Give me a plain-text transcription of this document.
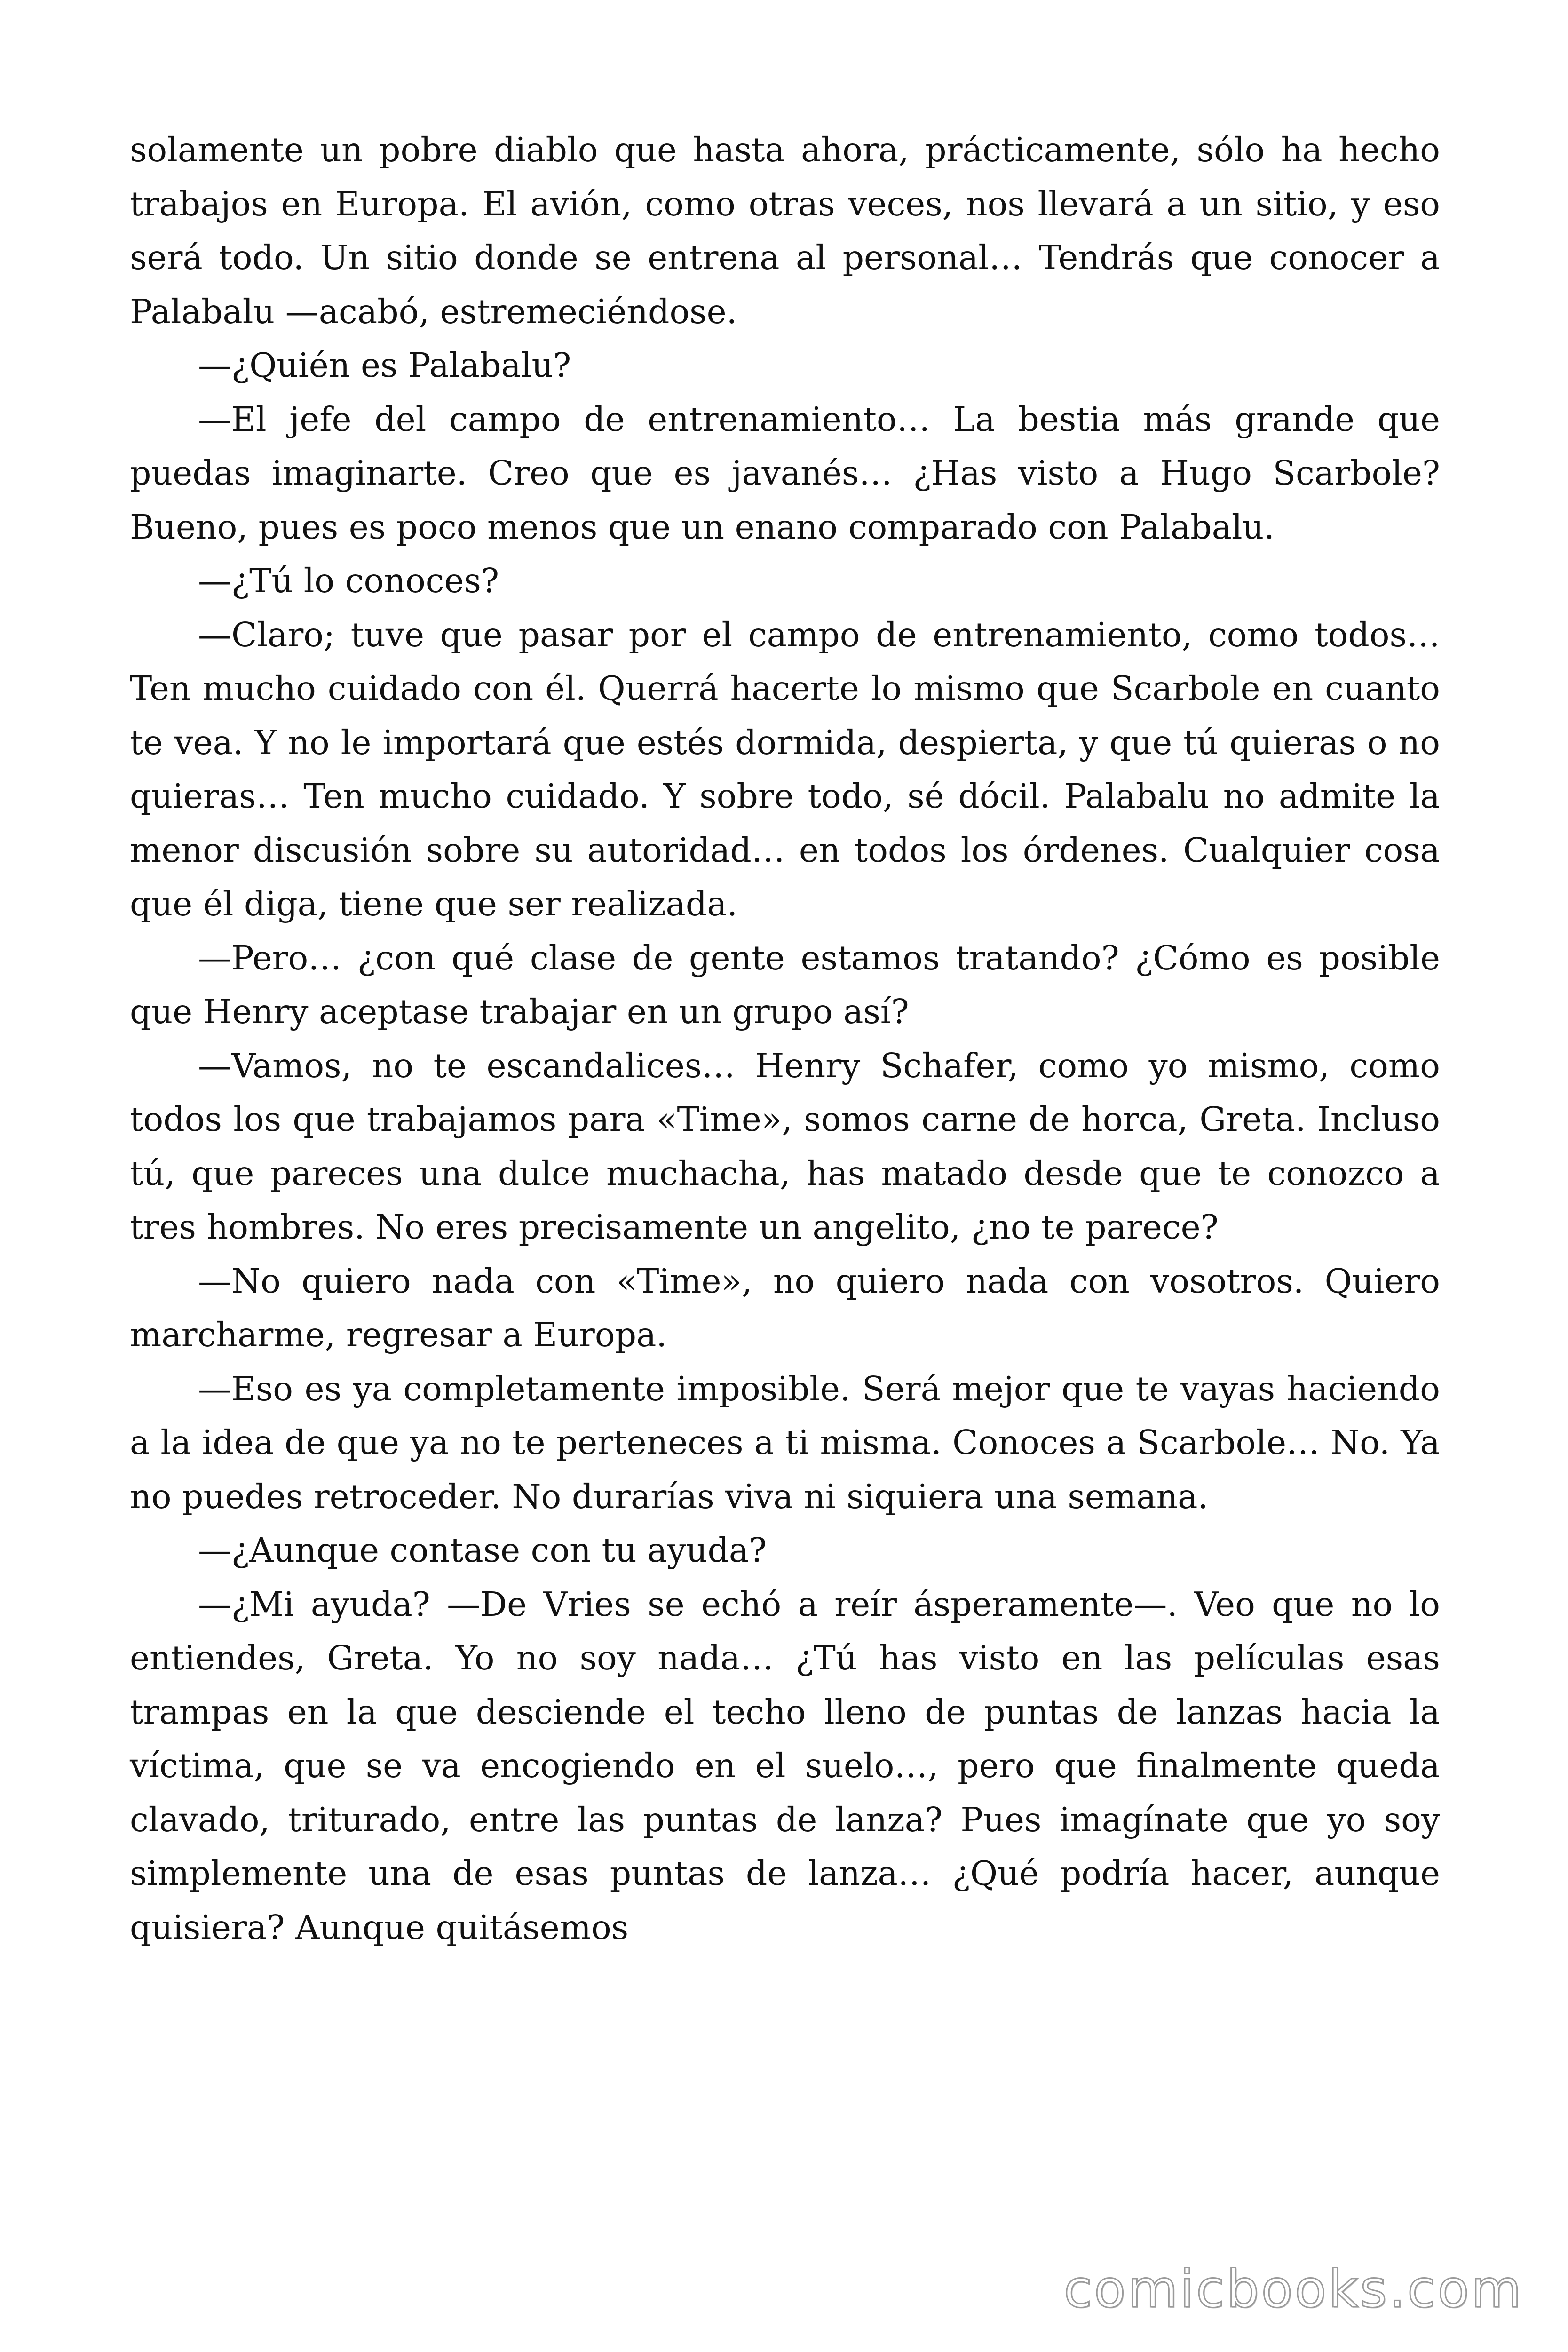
solamente un pobre diablo que hasta ahora, prácticamente, sólo ha hecho trabajos en Europa. El avión, como otras veces, nos llevará a un sitio, y eso será todo. Un sitio donde se entrena al personal… Tendrás que conocer a Palabalu —acabó, estremeciéndose.

—¿Quién es Palabalu?

—El jefe del campo de entrenamiento… La bestia más grande que puedas imaginarte. Creo que es javanés… ¿Has visto a Hugo Scarbole? Bueno, pues es poco menos que un enano comparado con Palabalu.

—¿Tú lo conoces?

—Claro; tuve que pasar por el campo de entrenamiento, como todos… Ten mucho cuidado con él. Querrá hacerte lo mismo que Scarbole en cuanto te vea. Y no le importará que estés dormida, despierta, y que tú quieras o no quieras… Ten mucho cuidado. Y sobre todo, sé dócil. Palabalu no admite la menor discusión sobre su autoridad… en todos los órdenes. Cualquier cosa que él diga, tiene que ser realizada.

—Pero… ¿con qué clase de gente estamos tratando? ¿Cómo es posible que Henry aceptase trabajar en un grupo así?

—Vamos, no te escandalices… Henry Schafer, como yo mismo, como todos los que trabajamos para «Time», somos carne de horca, Greta. Incluso tú, que pareces una dulce muchacha, has matado desde que te conozco a tres hombres. No eres precisamente un angelito, ¿no te parece?

—No quiero nada con «Time», no quiero nada con vosotros. Quiero marcharme, regresar a Europa.

—Eso es ya completamente imposible. Será mejor que te vayas haciendo a la idea de que ya no te perteneces a ti misma. Conoces a Scarbole… No. Ya no puedes retroceder. No durarías viva ni siquiera una semana.

—¿Aunque contase con tu ayuda?

—¿Mi ayuda? —De Vries se echó a reír ásperamente—. Veo que no lo entiendes, Greta. Yo no soy nada… ¿Tú has visto en las películas esas trampas en la que desciende el techo lleno de puntas de lanzas hacia la víctima, que se va encogiendo en el suelo…, pero que finalmente queda clavado, triturado, entre las puntas de lanza? Pues imagínate que yo soy simplemente una de esas puntas de lanza… ¿Qué podría hacer, aunque quisiera? Aunque quitásemos

comicbooks.com
